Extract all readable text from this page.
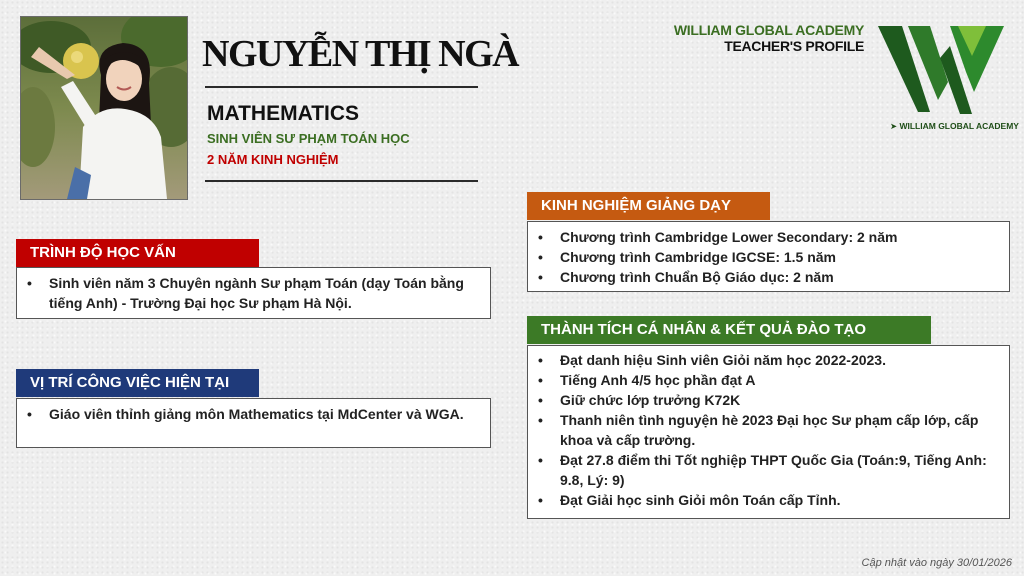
NGUYỄN THỊ NGÀ
MATHEMATICS
SINH VIÊN SƯ PHẠM TOÁN HỌC
2 NĂM KINH NGHIỆM
WILLIAM GLOBAL ACADEMY
TEACHER'S PROFILE
➤ WILLIAM GLOBAL ACADEMY
TRÌNH ĐỘ HỌC VẤN
• Sinh viên năm 3 Chuyên ngành Sư phạm Toán (dạy Toán bằng tiếng Anh) - Trường Đại học Sư phạm Hà Nội.
VỊ TRÍ CÔNG VIỆC HIỆN TẠI
• Giáo viên thỉnh giảng môn Mathematics tại MdCenter và WGA.
KINH NGHIỆM GIẢNG DẠY
• Chương trình Cambridge Lower Secondary: 2 năm
• Chương trình Cambridge IGCSE: 1.5 năm
• Chương trình Chuẩn Bộ Giáo dục: 2 năm
THÀNH TÍCH CÁ NHÂN & KẾT QUẢ ĐÀO TẠO
• Đạt danh hiệu Sinh viên Giỏi năm học 2022-2023.
• Tiếng Anh 4/5 học phần đạt A
• Giữ chức lớp trưởng K72K
• Thanh niên tình nguyện hè 2023 Đại học Sư phạm cấp lớp, cấp khoa và cấp trường.
• Đạt 27.8 điểm thi Tốt nghiệp THPT Quốc Gia (Toán:9, Tiếng Anh: 9.8, Lý: 9)
• Đạt Giải học sinh Giỏi môn Toán cấp Tỉnh.
Cập nhật vào ngày 30/01/2026
